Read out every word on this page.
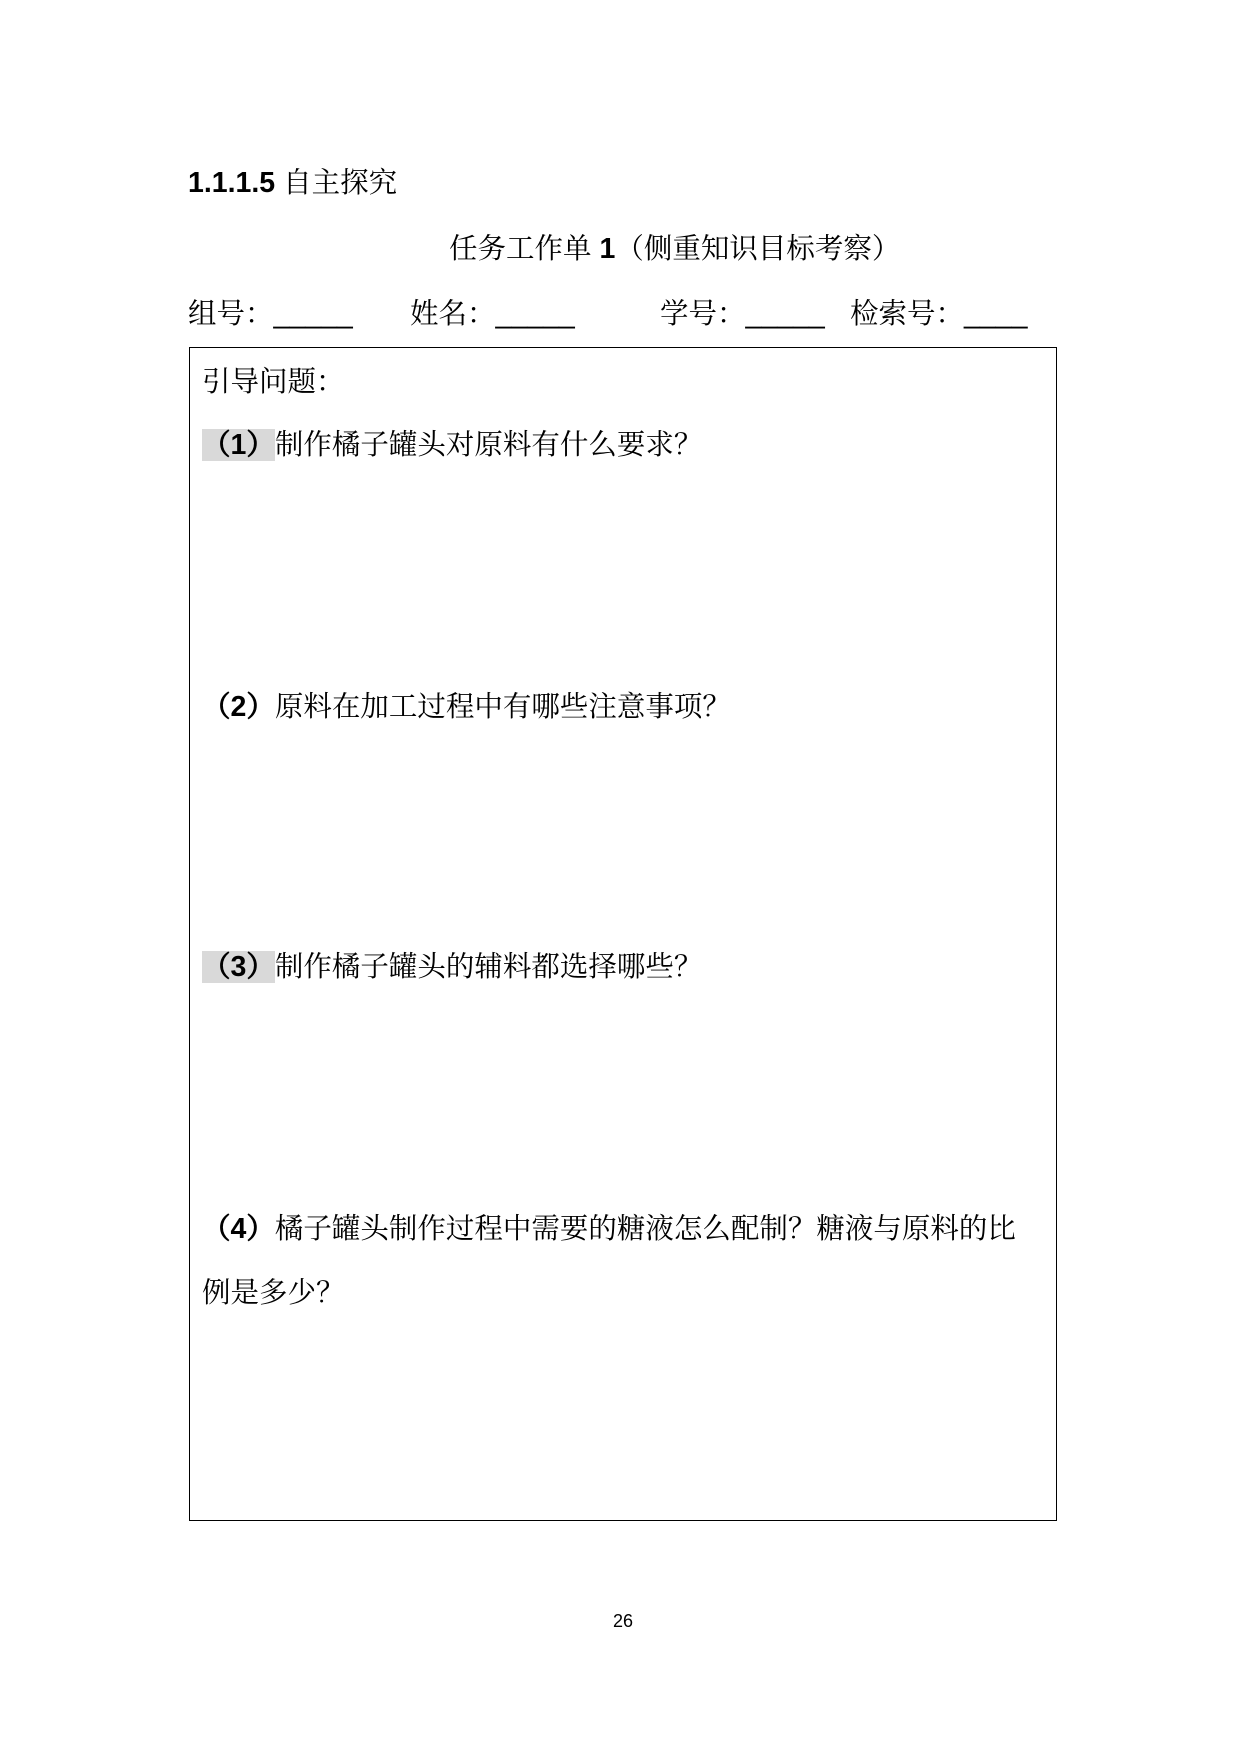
1.1.1.5 自主探究
任务工作单 1（侧重知识目标考察）
组号：_____ 姓名：_____	学号：_____ 检索号：____
引导问题：
（1）制作橘子罐头对原料有什么要求？
（2）原料在加工过程中有哪些注意事项？
（3）制作橘子罐头的辅料都选择哪些？
（4）橘子罐头制作过程中需要的糖液怎么配制？糖液与原料的比例是多少？
26
